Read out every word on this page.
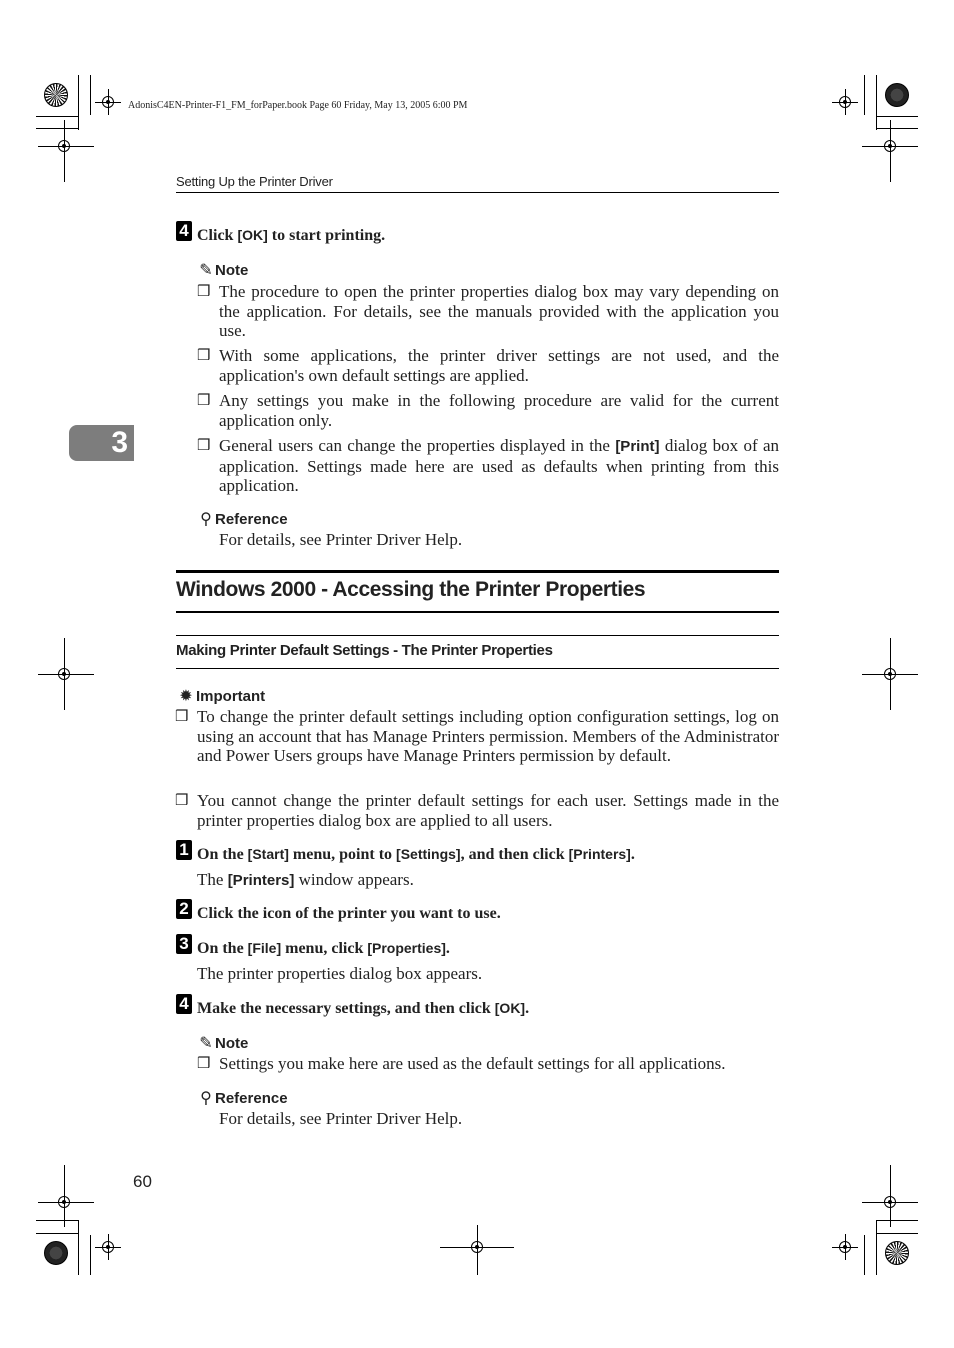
AdonisC4EN-Printer-F1_FM_forPaper.book Page 60 Friday, May 13, 2005 6:00 PM
Setting Up the Printer Driver
3
4 Click [OK] to start printing.
✎ Note
❒ The procedure to open the printer properties dialog box may vary depending on the application. For details, see the manuals provided with the application you use.
❒ With some applications, the printer driver settings are not used, and the application's own default settings are applied.
❒ Any settings you make in the following procedure are valid for the current application only.
❒ General users can change the properties displayed in the [Print] dialog box of an application. Settings made here are used as defaults when printing from this application.
⚲ Reference
For details, see Printer Driver Help.
Windows 2000 - Accessing the Printer Properties
Making Printer Default Settings - The Printer Properties
✹ Important
❒ To change the printer default settings including option configuration settings, log on using an account that has Manage Printers permission. Members of the Administrator and Power Users groups have Manage Printers permission by default.
❒ You cannot change the printer default settings for each user. Settings made in the printer properties dialog box are applied to all users.
1 On the [Start] menu, point to [Settings], and then click [Printers].
The [Printers] window appears.
2 Click the icon of the printer you want to use.
3 On the [File] menu, click [Properties].
The printer properties dialog box appears.
4 Make the necessary settings, and then click [OK].
✎ Note
❒ Settings you make here are used as the default settings for all applications.
⚲ Reference
For details, see Printer Driver Help.
60
